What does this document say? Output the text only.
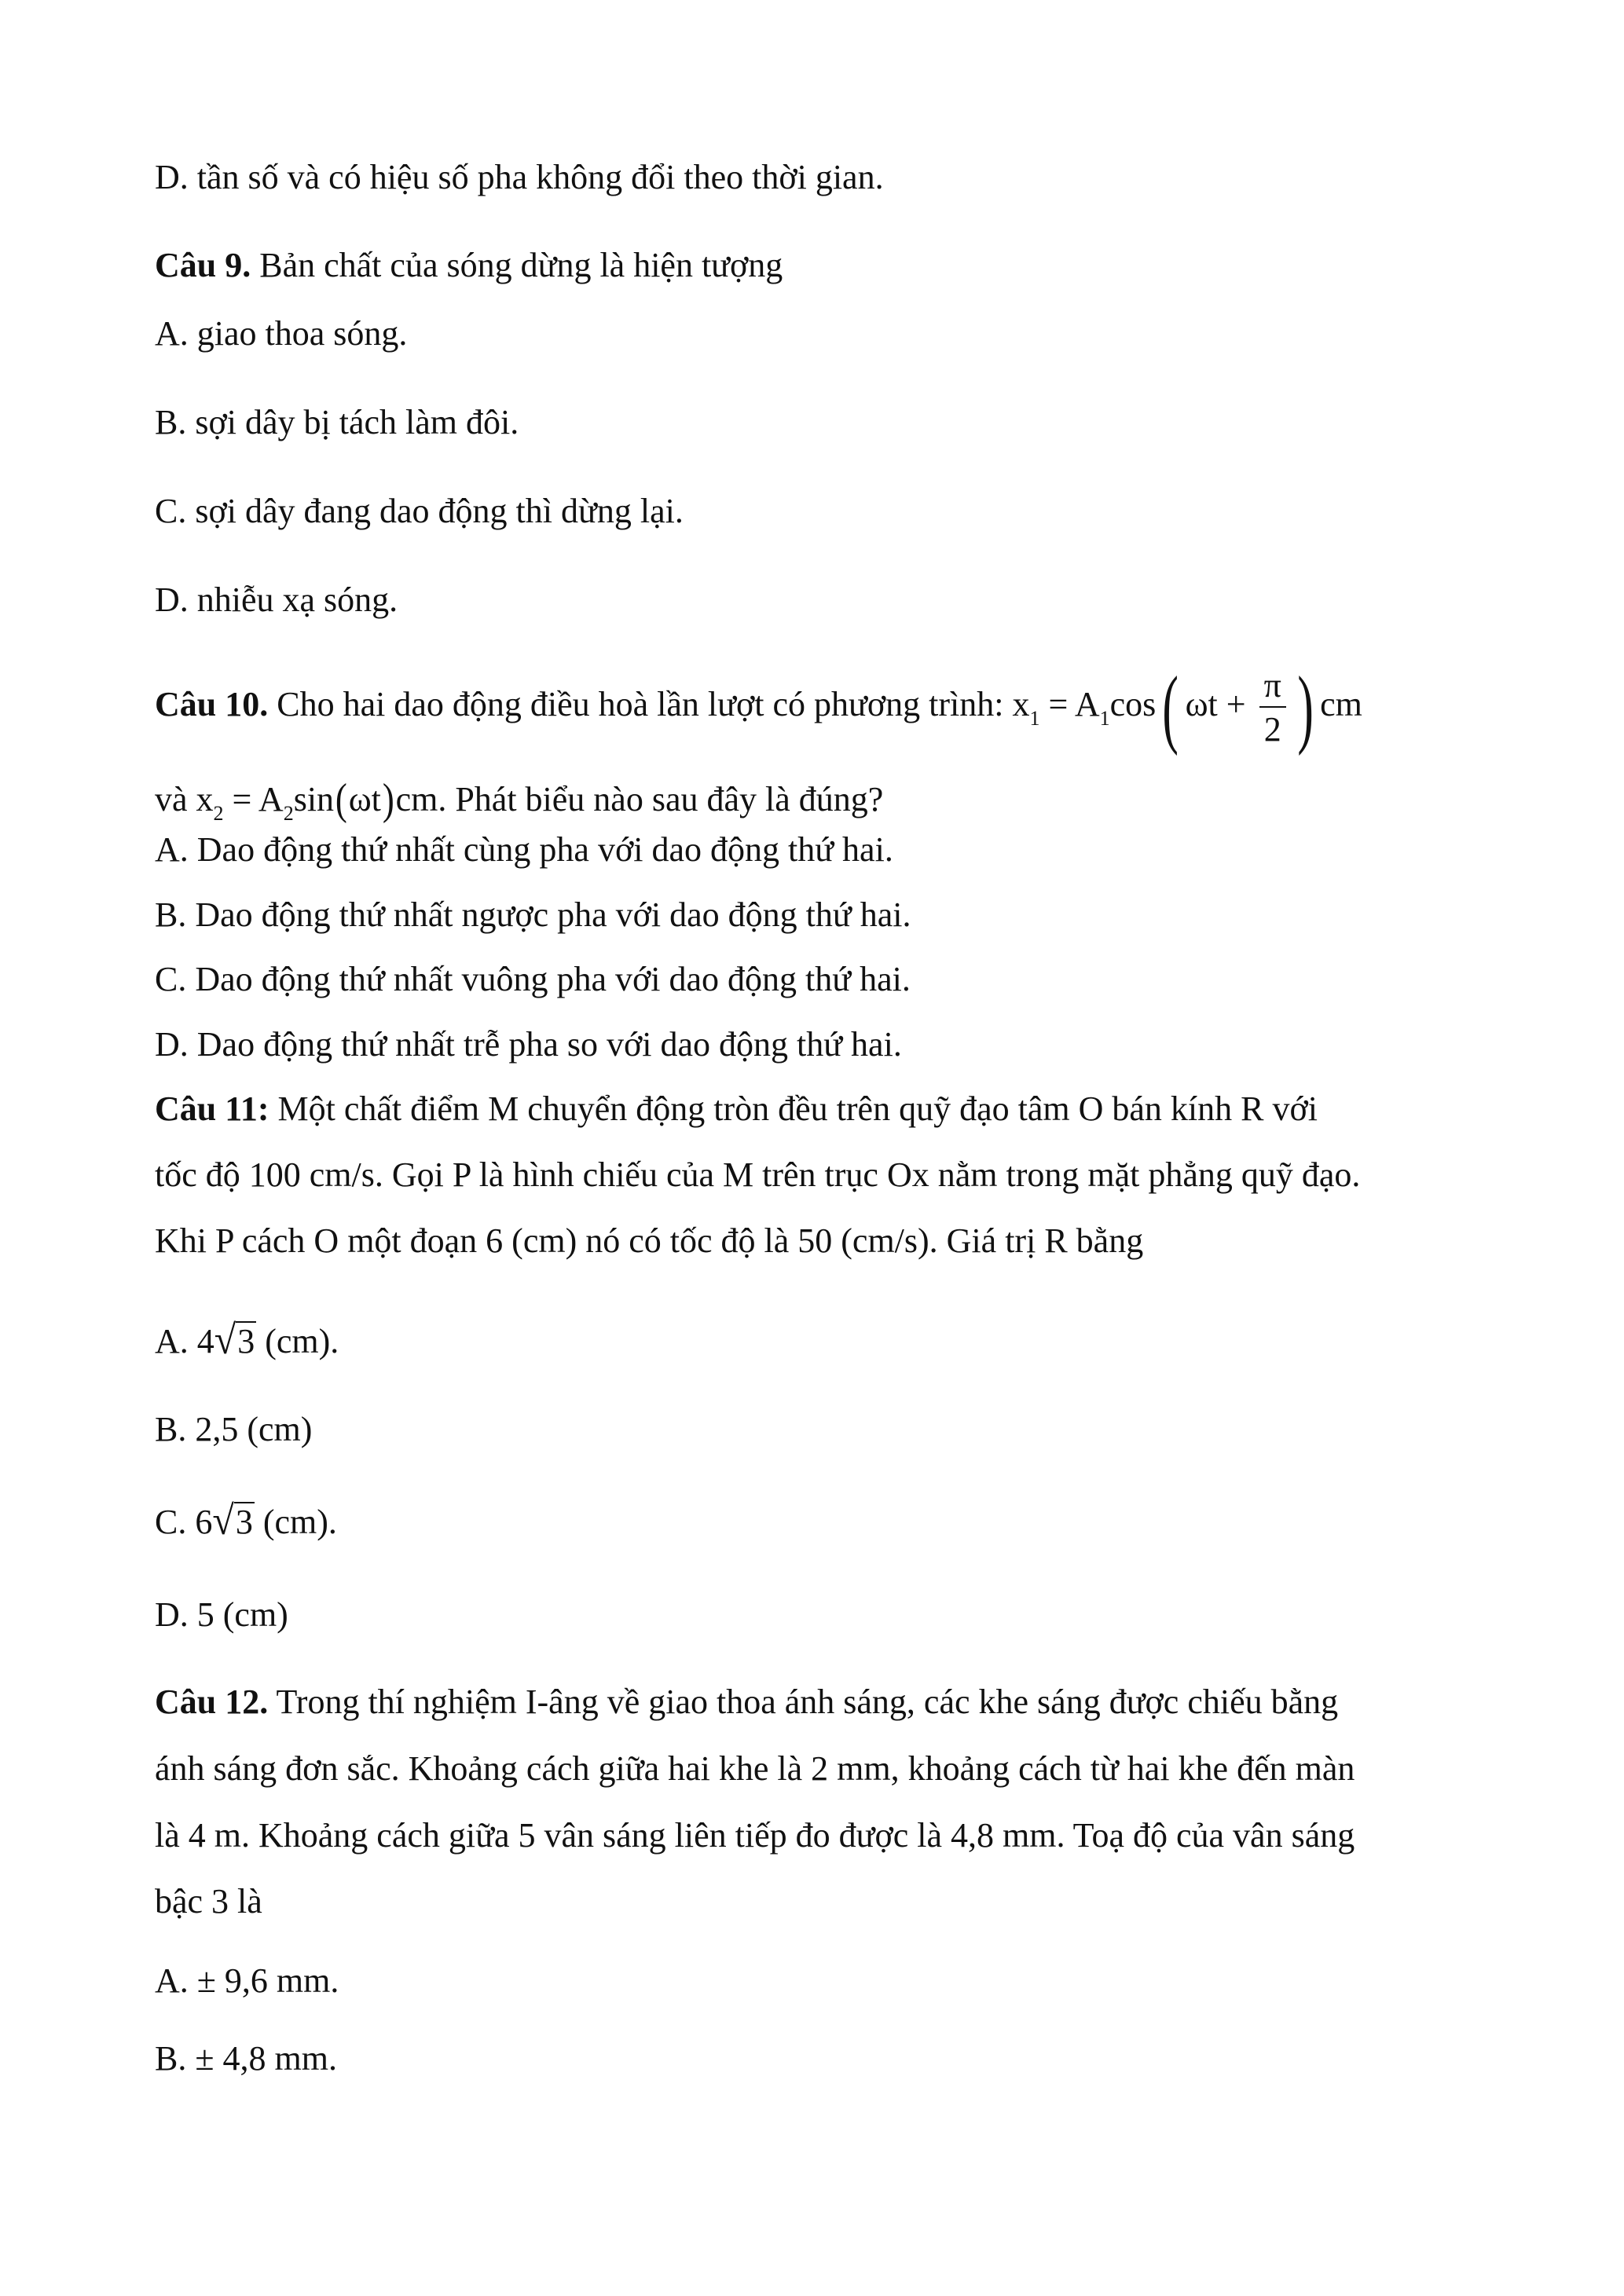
D. tần số và có hiệu số pha không đổi theo thời gian.
Câu 9. Bản chất của sóng dừng là hiện tượng
A. giao thoa sóng.
B. sợi dây bị tách làm đôi.
C. sợi dây đang dao động thì dừng lại.
D. nhiễu xạ sóng.
Câu 10. Cho hai dao động điều hoà lần lượt có phương trình: $x_1 = A_1\cos$( $\omega t + \frac{\pi}{2}$ ) cm
và $x_2 = A_2\sin(\omega t)cm$. Phát biểu nào sau đây là đúng?
A. Dao động thứ nhất cùng pha với dao động thứ hai.
B. Dao động thứ nhất ngược pha với dao động thứ hai.
C. Dao động thứ nhất vuông pha với dao động thứ hai.
D. Dao động thứ nhất trễ pha so với dao động thứ hai.
Câu 11: Một chất điểm M chuyển động tròn đều trên quỹ đạo tâm O bán kính R với
tốc độ 100 cm/s. Gọi P là hình chiếu của M trên trục Ox nằm trong mặt phẳng quỹ đạo.
Khi P cách O một đoạn 6 (cm) nó có tốc độ là 50 (cm/s). Giá trị R bằng
A. 4√3 (cm).
B. 2,5 (cm)
C. 6√3 (cm).
D. 5 (cm)
Câu 12. Trong thí nghiệm I-âng về giao thoa ánh sáng, các khe sáng được chiếu bằng
ánh sáng đơn sắc. Khoảng cách giữa hai khe là 2 mm, khoảng cách từ hai khe đến màn
là 4 m. Khoảng cách giữa 5 vân sáng liên tiếp đo được là 4,8 mm. Toạ độ của vân sáng
bậc 3 là
A. ± 9,6 mm.
B. ± 4,8 mm.
